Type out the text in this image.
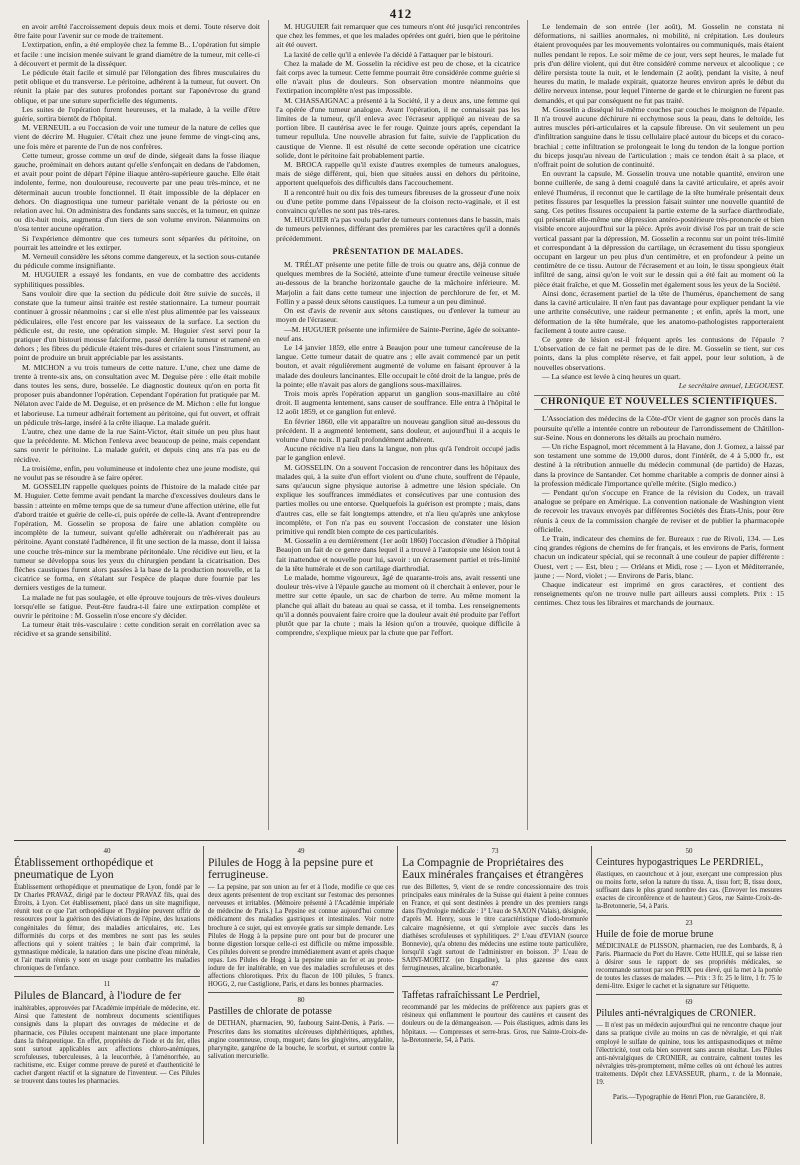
412

en avoir arrêté l'accroissement depuis deux mois et demi. Toute réserve doit être faite pour l'avenir sur ce mode de traitement.

L'extirpation, enfin, a été employée chez la femme B... L'opération fut simple et facile : une incision menée suivant le grand diamètre de la tumeur, mit celle-ci à découvert et permit de la disséquer.

Le pédicule était facile et simulé par l'élongation des fibres musculaires du petit oblique et du transverse. Le péritoine, adhérent à la tumeur, fut ouvert. On réunit la plaie par des sutures profondes portant sur l'aponévrose du grand oblique, et par une suture superficielle des téguments.

Les suites de l'opération furent heureuses, et la malade, à la veille d'être guérie, sortira bientôt de l'hôpital.

M. VERNEUIL a eu l'occasion de voir une tumeur de la nature de celles que vient de décrire M. Huguier. C'était chez une jeune femme de vingt-cinq ans, une fois mère et parente de l'un de nos confrères.

Cette tumeur, grosse comme un œuf de dinde, siégeait dans la fosse iliaque gauche, proéminait en dehors autant qu'elle s'enfonçait en dedans de l'abdomen, et avait pour point de départ l'épine iliaque antéro-supérieure gauche. Elle était indolente, ferme, non douloureuse, recouverte par une peau très-mince, et ne déterminait aucun trouble fonctionnel. Il était impossible de la déplacer en dehors. On diagnostiqua une tumeur pariétale venant de la périoste ou en relation avec lui. On administra des fondants sans succès, et la tumeur, en quinze ou dix-huit mois, augmenta d'un tiers de son volume environ. Néanmoins on n'osa tenter aucune opération.

Si l'expérience démontre que ces tumeurs sont séparées du péritoine, on pourrait les atteindre et les extirper.

M. Verneuil considère les sétons comme dangereux, et la section sous-cutanée du pédicule comme insignifiante.

M. HUGUIER a essayé les fondants, en vue de combattre des accidents syphilitiques possibles.

Sans vouloir dire que la section du pédicule doit être suivie de succès, il constate que la tumeur ainsi traitée est restée stationnaire. La tumeur pourrait continuer à grossir néanmoins ; car si elle n'est plus alimentée par les vaisseaux pédiculaires, elle l'est encore par les vaisseaux de la surface. La section du pédicule est, du reste, une opération simple. M. Huguier s'est servi pour la pratiquer d'un bistouri mousse falciforme, passé derrière la tumeur et ramené en dehors ; les fibres du pédicule étaient très-dures et criaient sous l'instrument, au point de produire un bruit appréciable par les assistants.

M. MICHON a vu trois tumeurs de cette nature. L'une, chez une dame de trente à trente-six ans, on consultation avec M. Deguise père : elle était mobile dans toutes les sens, dure, bosselée. Le diagnostic douteux qu'on en porta fit proposer puis abandonner l'opération. Cependant l'opération fut pratiquée par M. Nélaton avec l'aide de M. Deguise, et en présence de M. Michon : elle fut longue et laborieuse. La tumeur adhérait fortement au péritoine, qui fut ouvert, et offrait un pédicule très-large, inséré à la crête iliaque. La malade guérit.

L'autre, chez une dame de la rue Saint-Victor, était située un peu plus haut que la précédente. M. Michon l'enleva avec beaucoup de peine, mais cependant sans ouvrir le péritoine. La malade guérit, et depuis cinq ans n'a pas eu de récidive.

La troisième, enfin, peu volumineuse et indolente chez une jeune modiste, qui ne voulut pas se résoudre à se faire opérer.

M. GOSSELIN rappelle quelques points de l'histoire de la malade citée par M. Huguier. Cette femme avait pendant la marche d'excessives douleurs dans le bassin : atteinte en même temps que de sa tumeur d'une affection utérine, elle fut d'abord traitée et guérie de celle-ci, puis opérée de celle-là. Avant d'entreprendre l'opération, M. Gosselin se proposa de faire une ablation complète ou incomplète de la tumeur, suivant qu'elle adhérerait ou n'adhérerait pas au péritoine. Ayant constaté l'adhérence, il fit une section de la masse, dont il laissa une couche très-mince sur la membrane péritonéale. Une récidive eut lieu, et la tumeur se développa sous les yeux du chirurgien pendant la cicatrisation. Des flèches caustiques furent alors passées à la base de la production nouvelle, et la cicatrice se forma, en s'étalant sur l'espèce de plaque dure fournie par les derniers vestiges de la tumeur.

La malade ne fut pas soulagée, et elle éprouve toujours de très-vives douleurs lorsqu'elle se fatigue. Peut-être faudra-t-il faire une extirpation complète et ouvrir le péritoine : M. Gosselin n'ose encore s'y décider.

La tumeur était très-vasculaire : cette condition serait en corrélation avec sa récidive et sa grande sensibilité.

M. HUGUIER fait remarquer que ces tumeurs n'ont été jusqu'ici rencontrées que chez les femmes, et que les malades opérées ont guéri, bien que le péritoine ait été ouvert.

La laxité de celle qu'il a enlevée l'a décidé à l'attaquer par le bistouri.

Chez la malade de M. Gosselin la récidive est peu de chose, et la cicatrice fait corps avec la tumeur. Cette femme pourrait être considérée comme guérie si elle n'avait plus de douleurs. Son observation montre néanmoins que l'extirpation incomplète n'est pas impossible.

M. CHASSAIGNAC a présenté à la Société, il y a deux ans, une femme qui l'a opérée d'une tumeur analogue. Avant l'opération, il ne connaissait pas les limites de la tumeur, qu'il enleva avec l'écraseur appliqué au niveau de sa portion libre. Il cautérisa avec le fer rouge. Quinze jours après, cependant la tumeur repullula. Une nouvelle abrasion fut faite, suivie de l'application du caustique de Vienne. Il est résulté de cette seconde opération une cicatrice solide, dont le péritoine fait probablement partie.

M. BROCA rappelle qu'il existe d'autres exemples de tumeurs analogues, mais de siége différent, qui, bien que situées aussi en dehors du péritoine, apportent quelquefois des difficultés dans l'accouchement.

Il a rencontré huit ou dix fois des tumeurs fibreuses de la grosseur d'une noix ou d'une petite pomme dans l'épaisseur de la cloison recto-vaginale, et il est convaincu qu'elles ne sont pas très-rares.

M. HUGUIER n'a pas voulu parler de tumeurs contenues dans le bassin, mais de tumeurs pelviennes, différant des premières par les caractères qu'il a donnés précédemment.

PRÉSENTATION DE MALADES.

M. TRÉLAT présente une petite fille de trois ou quatre ans, déjà connue de quelques membres de la Société, atteinte d'une tumeur érectile veineuse située au-dessous de la branche horizontale gauche de la mâchoire inférieure. M. Marjolin a fait dans cette tumeur une injection de perchlorure de fer, et M. Follin y a passé deux sétons caustiques. La tumeur a un peu diminué.

On est d'avis de revenir aux sétons caustiques, ou d'enlever la tumeur au moyen de l'écraseur.

—M. HUGUIER présente une infirmière de Sainte-Perrine, âgée de soixante-neuf ans.

Le 14 janvier 1859, elle entre à Beaujon pour une tumeur cancéreuse de la langue. Cette tumeur datait de quatre ans ; elle avait commencé par un petit bouton, et avait régulièrement augmenté de volume en faisant éprouver à la malade des douleurs lancinantes. Elle occupait le côté droit de la langue, près de la pointe; elle n'avait pas alors de ganglions sous-maxillaires.

Trois mois après l'opération apparut un ganglion sous-maxillaire au côté droit. Il augmenta lentement, sans causer de souffrance. Elle entra à l'hôpital le 12 août 1859, et ce ganglion fut enlevé.

En février 1860, elle vit apparaître un nouveau ganglion situé au-dessous du précédent. Il a augmenté lentement, sans douleur, et aujourd'hui il a acquis le volume d'une noix. Il paraît profondément adhérent.

Aucune récidive n'a lieu dans la langue, non plus qu'à l'endroit occupé jadis par le ganglion enlevé.

M. GOSSELIN. On a souvent l'occasion de rencontrer dans les hôpitaux des malades qui, à la suite d'un effort violent ou d'une chute, souffrent de l'épaule, sans qu'aucun signe physique autorise à admettre une lésion spéciale. On explique les souffrances immédiates et consécutives par une contusion des parties molles ou une entorse. Quelquefois la guérison est prompte ; mais, dans d'autres cas, elle se fait longtemps attendre, et n'a lieu qu'après une ankylose incomplète, et l'on n'a pas eu souvent l'occasion de constater une lésion primitive qui rendît bien compte de ces particularités.

M. Gosselin a eu dernièrement (1er août 1860) l'occasion d'étudier à l'hôpital Beaujon un fait de ce genre dans lequel il a trouvé à l'autopsie une lésion tout à fait inattendue et nouvelle pour lui, savoir : un écrasement partiel et très-limité de la tête humérale et de son cartilage diarthrodial.

Le malade, homme vigoureux, âgé de quarante-trois ans, avait ressenti une douleur très-vive à l'épaule gauche au moment où il cherchait à enlever, pour le mettre sur cette épaule, un sac de charbon de terre. Au même moment la planche qui allait du bateau au quai se cassa, et il tomba. Les renseignements qu'il a donnés pouvaient faire croire que la douleur avait été produite par l'effort plutôt que par la chute ; mais la lésion qu'on a trouvée, quoique difficile à comprendre, s'explique mieux par la chute que par l'effort.

Le lendemain de son entrée (1er août), M. Gosselin ne constata ni déformations, ni saillies anormales, ni mobilité, ni crépitation. Les douleurs étaient provoquées par les mouvements volontaires ou communiqués, mais étaient nulles pendant le repos. Le soir même de ce jour, vers sept heures, le malade fut pris d'un délire violent, qui dut être considéré comme nerveux et alcoolique ; ce délire persista toute la nuit, et le lendemain (2 août), pendant la visite, à neuf heures du matin, le malade expirait, quatorze heures environ après le début du délire nerveux intense, pour lequel l'interne de garde et le chirurgien ne furent pas demandés, et qui par conséquent ne fut pas traité.

M. Gosselin a disséqué lui-même couches par couches le moignon de l'épaule. Il n'a trouvé aucune déchirure ni ecchymose sous la peau, dans le deltoïde, les autres muscles péri-articulaires et la capsule fibreuse. On vit seulement un peu d'infiltration sanguine dans le tissu cellulaire placé autour du biceps et du coraco-brachial ; cette infiltration se prolongeait le long du tendon de la longue portion du biceps jusqu'au niveau de l'articulation ; mais ce tendon était à sa place, et n'offrait point de solution de continuité.

En ouvrant la capsule, M. Gosselin trouva une notable quantité, environ une bonne cuillerée, de sang à demi coagulé dans la cavité articulaire, et après avoir enlevé l'humérus, il reconnut que le cartilage de la tête humérale présentait deux petites fissures par lesquelles la pression faisait suinter une nouvelle quantité de sang. Ces petites fissures occupaient la partie externe de la surface diarthrodiale, qui présentait elle-même une dépression antéro-postérieure très-prononcée et bien visible encore aujourd'hui sur la pièce. Après avoir divisé l'os par un trait de scie vertical passant par la dépression, M. Gosselin a reconnu sur un point très-limité et correspondant à la dépression du cartilage, un écrasement du tissu spongieux occupant en largeur un peu plus d'un centimètre, et en profondeur à peine un centimètre de ce tissu. Autour de l'écrasement et au loin, le tissu spongieux était infiltré de sang, ainsi qu'on le voit sur le dessin qui a été fait au moment où la pièce était fraîche, et que M. Gosselin met également sous les yeux de la Société.

Ainsi donc, écrasement partiel de la tête de l'humérus, épanchement de sang dans la cavité articulaire. Il n'en faut pas davantage pour expliquer pendant la vie une arthrite consécutive, une raideur permanente ; et enfin, après la mort, une déformation de la tête humérale, que les anatomo-pathologistes rapporteraient facilement à toute autre cause.

Ce genre de lésion est-il fréquent après les contusions de l'épaule ? L'observation de ce fait ne permet pas de le dire. M. Gosselin se tient, sur ces points, dans la plus complète réserve, et fait appel, pour leur solution, à de nouvelles observations.

— La séance est levée à cinq heures un quart.

Le secrétaire annuel, LEGOUEST.

CHRONIQUE ET NOUVELLES SCIENTIFIQUES.

L'Association des médecins de la Côte-d'Or vient de gagner son procès dans la poursuite qu'elle a intentée contre un rebouteur de l'arrondissement de Châtillon-sur-Seine. Nous en donnerons les détails au prochain numéro.

— Un riche Espagnol, mort récemment à la Havane, don J. Gomez, a laissé par son testament une somme de 19,000 duros, dont l'intérêt, de 4 à 5,000 fr., est destiné à la rétribution annuelle du médecin communal (de partido) de Hazas, dans la province de Santander. Cet homme charitable a compris de donner ainsi à la profession médicale l'importance qu'elle mérite. (Siglo medico.)

— Pendant qu'on s'occupe en France de la révision du Codex, un travail analogue se prépare en Amérique. La convention nationale de Washington vient de recevoir les travaux envoyés par différentes Sociétés des États-Unis, pour être réunis à ceux de la commission chargée de reviser et de publier la pharmacopée officielle.

Le Train, indicateur des chemins de fer. Bureaux : rue de Rivoli, 134. — Les cinq grandes régions de chemins de fer français, et les environs de Paris, forment chacun un indicateur spécial, qui se reconnaît à une couleur de papier différente : Ouest, vert ; — Est, bleu ; — Orléans et Midi, rose ; — Lyon et Méditerranée, jaune ; — Nord, violet ; — Environs de Paris, blanc.

Chaque indicateur est imprimé en gros caractères, et contient des renseignements qu'on ne trouve nulle part ailleurs aussi complets. Prix : 15 centimes. Chez tous les libraires et marchands de journaux.

40
Établissement orthopédique et pneumatique de Lyon

Établissement orthopédique et pneumatique de Lyon, fondé par le Dr Charles PRAVAZ, dirigé par le docteur PRAVAZ fils, quai des Étroits, à Lyon. Cet établissement, placé dans un site magnifique, réunit tout ce que l'art orthopédique et l'hygiène peuvent offrir de ressources pour la guérison des déviations de l'épine, des luxations congénitales du fémur, des maladies articulaires, etc. Les difformités du corps et des membres ne sont pas les seules affections qui y soient traitées ; le bain d'air comprimé, la gymnastique médicale, la natation dans une piscine d'eau minérale, et l'air marin réunis y sont en usage pour combattre les maladies chroniques de l'enfance.

11
Pilules de Blancard, à l'iodure de fer

inaltérables, approuvées par l'Académie impériale de médecine, etc. Ainsi que l'attestent de nombreux documents scientifiques consignés dans la plupart des ouvrages de médecine et de pharmacie, ces Pilules occupent maintenant une place importante dans la thérapeutique. En effet, propriétés de l'iode et du fer, elles sont surtout applicables aux affections chloro-anémiques, scrofuleuses, tuberculeuses, à la leucorrhée, à l'aménorrhée, au rachitisme, etc. Exiger comme preuve de pureté et d'authenticité le cachet d'argent réactif et la signature de l'inventeur. — Ces Pilules se trouvent dans toutes les pharmacies.

49
Pilules de Hogg à la pepsine pure et ferrugineuse.

— La pepsine, par son union au fer et à l'iode, modifie ce que ces deux agents présentent de trop excitant sur l'estomac des personnes nerveuses et irritables. (Mémoire présenté à l'Académie impériale de médecine de Paris.) La Pepsine est connue aujourd'hui comme médicament des maladies gastriques et intestinales. Voir notre brochure à ce sujet, qui est envoyée gratis sur simple demande. Les Pilules de Hogg à la pepsine pure ont pour but de procurer une bonne digestion lorsque celle-ci est difficile ou même impossible. Ces pilules doivent se prendre immédiatement avant et après chaque repas. Les Pilules de Hogg à la pepsine unie au fer et au proto-iodure de fer inaltérable, en vue des maladies scrofuleuses et des affections chlorotiques. Prix du flacon de 100 pilules, 5 francs. HOGG, 2, rue Castiglione, Paris, et dans les bonnes pharmacies.

80
Pastilles de chlorate de potasse

de DETHAN, pharmacien, 90, faubourg Saint-Denis, à Paris. — Prescrites dans les stomatites ulcéreuses diphthéritiques, aphthes, angine couenneuse, croup, muguet; dans les gingivites, amygdalite, pharyngite, gangrène de la bouche, le scorbut, et surtout contre la salivation mercurielle.

73
La Compagnie de Propriétaires des Eaux minérales françaises et étrangères

rue des Billettes, 9, vient de se rendre concessionnaire des trois principales eaux minérales de la Suisse qui étaient à peine connues en France, et qui sont destinées à prendre un des premiers rangs dans l'hydrologie médicale : 1° L'eau de SAXON (Valais), désignée, d'après M. Henry, sous le titre caractéristique d'iodo-bromurée calcaire magnésienne, et qui s'emploie avec succès dans les diathèses scrofuleuses et syphilitiques. 2° L'eau d'EVIAN (source Bonnevie), qu'a obtenu des médecins une estime toute particulière, lorsqu'il s'agit surtout de l'administrer en boisson. 3° L'eau de SAINT-MORITZ (en Engadine), la plus gazeuse des eaux ferrugineuses, alcaline, bicarbonatée.

47
Taffetas rafraîchissant Le Perdriel,

recommandé par les médecins de préférence aux papiers gras et résineux qui enflamment le pourtour des cautères et causent des douleurs ou de la démangeaison. — Pois élastiques, admis dans les hôpitaux. — Compresses et serre-bras. Gros, rue Sainte-Croix-de-la-Bretonnerie, 54, à Paris.

50
Ceintures hypogastriques Le PERDRIEL,

élastiques, en caoutchouc et à jour, exerçant une compression plus ou moins forte, selon la nature du tissu. A, tissu fort; B, tissu doux, suffisant dans le plus grand nombre des cas. (Envoyer les mesures exactes de circonférence et de hauteur.) Gros, rue Sainte-Croix-de-la-Bretonnerie, 54, à Paris.

23
Huile de foie de morue brune

MÉDICINALE de PLISSON, pharmacien, rue des Lombards, 8, à Paris. Pharmacie du Port du Havre. Cette HUILE, qui se laisse rien à désirer sous le rapport de ses propriétés médicales, se recommande surtout par son PRIX peu élevé, qui la met à la portée de toutes les classes de malades. — Prix : 3 fr. 25 le litre, 1 fr. 75 le demi-litre. Exiger le cachet et la signature sur l'étiquette.

69
Pilules anti-névralgiques de CRONIER.

— Il n'est pas un médecin aujourd'hui qui ne rencontre chaque jour dans sa pratique civile au moins un cas de névralgie, et qui n'ait employé le sulfate de quinine, tous les antispasmodiques et même l'électricité, tout cela bien souvent sans aucun résultat. Les Pilules anti-névralgiques de CRONIER, au contraire, calment toutes les névralgies très-promptement, même celles où ont échoué les autres traitements. Dépôt chez LEVASSEUR, pharm., r. de la Monnaie, 19.

Paris.—Typographie de Henri Plon, rue Garancière, 8.
